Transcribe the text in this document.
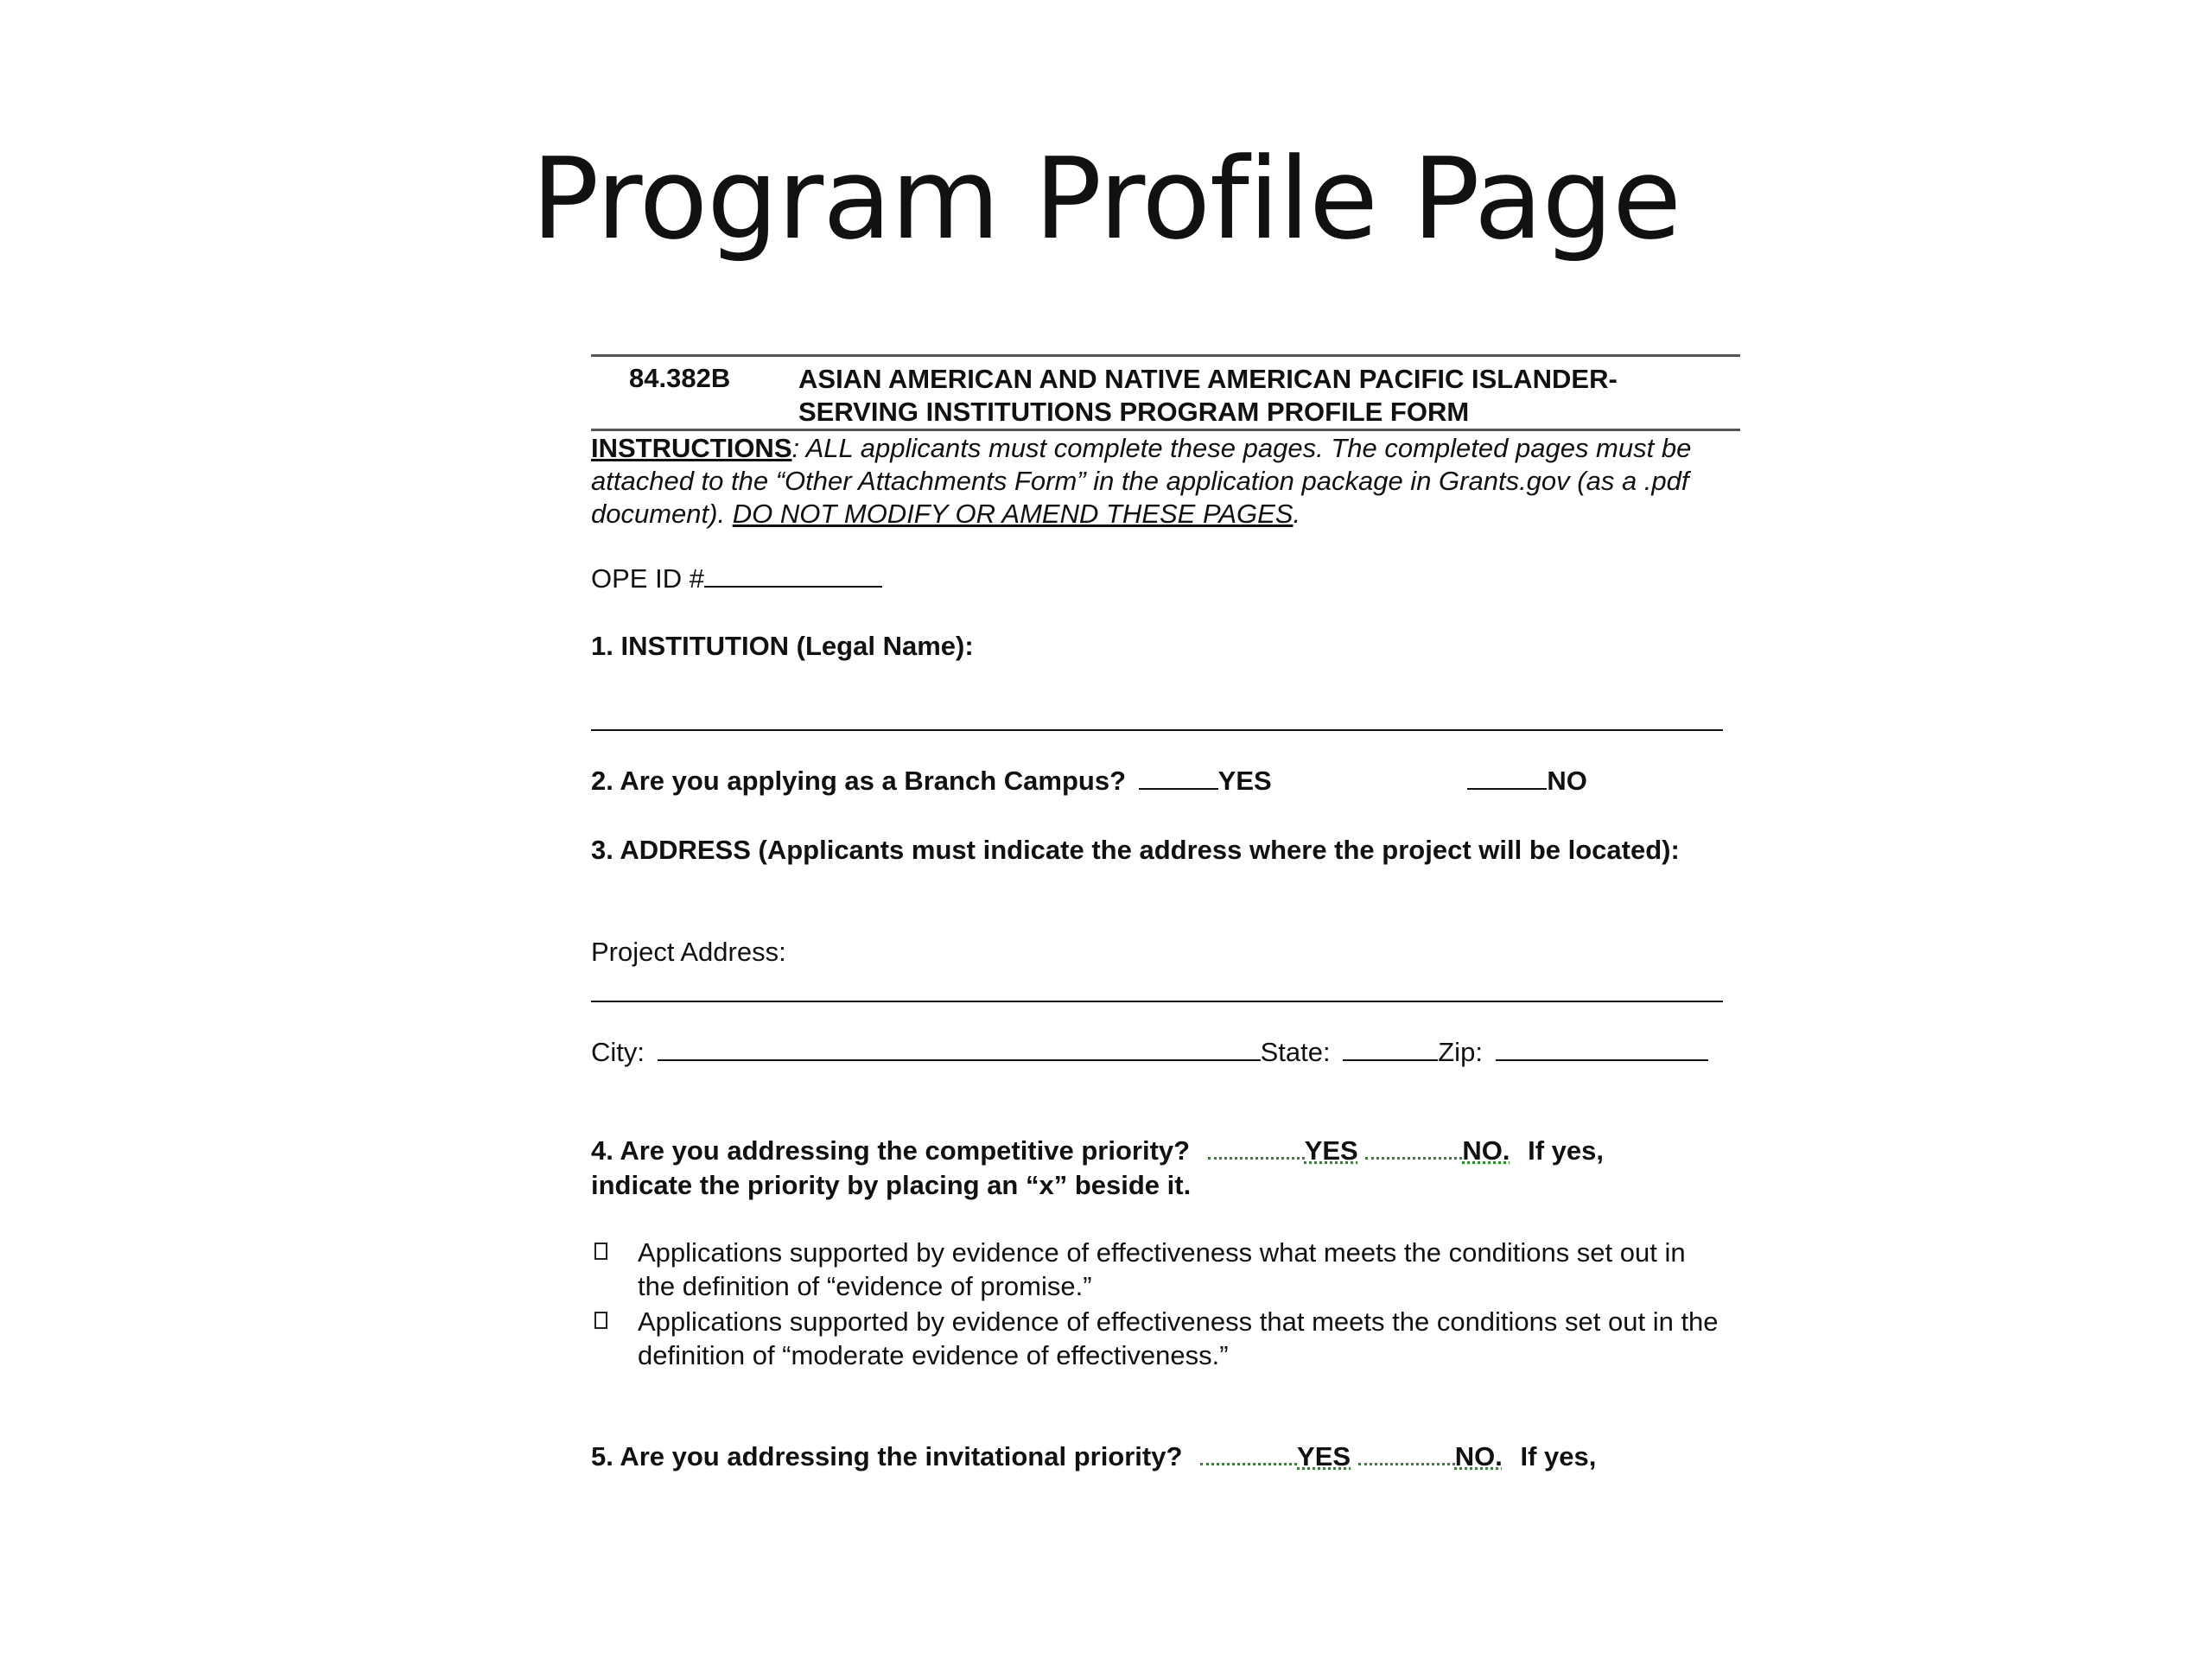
Program Profile Page
84.382B	ASIAN AMERICAN AND NATIVE AMERICAN PACIFIC ISLANDER-SERVING INSTITUTIONS PROGRAM PROFILE FORM
INSTRUCTIONS: ALL applicants must complete these pages. The completed pages must be attached to the “Other Attachments Form” in the application package in Grants.gov (as a .pdf document). DO NOT MODIFY OR AMEND THESE PAGES.
OPE ID #
1. INSTITUTION (Legal Name):
2. Are you applying as a Branch Campus?	YES	NO
3. ADDRESS (Applicants must indicate the address where the project will be located):
Project Address:
City:	State:	Zip:
4. Are you addressing the competitive priority?	YES	NO. If yes,
indicate the priority by placing an “x” beside it.
Applications supported by evidence of effectiveness what meets the conditions set out in the definition of “evidence of promise.”
Applications supported by evidence of effectiveness that meets the conditions set out in the definition of “moderate evidence of effectiveness.”
5. Are you addressing the invitational priority?	YES	NO. If yes,
